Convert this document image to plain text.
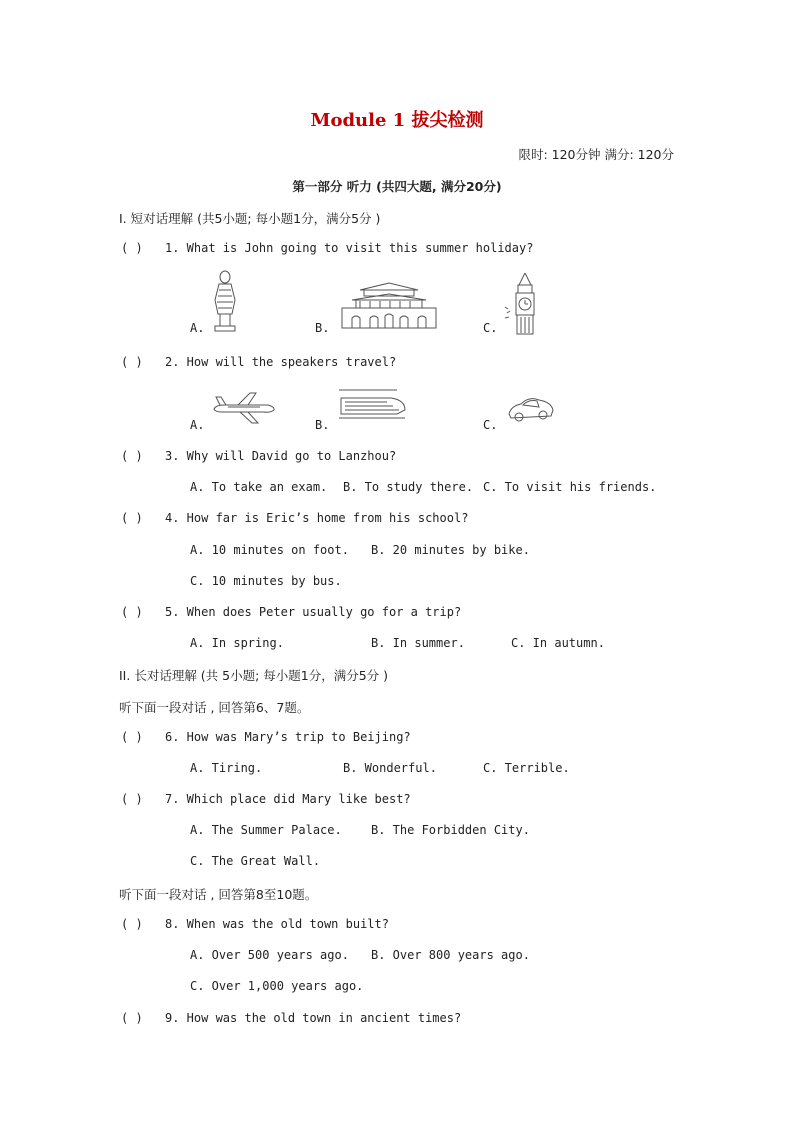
Module 1 拔尖检测
限时: 120分钟 满分: 120分
第一部分 听力 (共四大题, 满分20分)
I. 短对话理解 (共5小题; 每小题1分，满分5分 )
( ) 1. What is John going to visit this summer holiday?
A.	B.	C.
( ) 2. How will the speakers travel?
A.	B.	C.
( ) 3. Why will David go to Lanzhou?
A. To take an exam. B. To study there. C. To visit his friends.
( ) 4. How far is Eric’s home from his school?
A. 10 minutes on foot. B. 20 minutes by bike.
C. 10 minutes by bus.
( ) 5. When does Peter usually go for a trip?
A. In spring.	B. In summer.	C. In autumn.
II. 长对话理解 (共 5小题; 每小题1分，满分5分 )
听下面一段对话 , 回答第6、7题。
( ) 6. How was Mary’s trip to Beijing?
A. Tiring.	B. Wonderful.	C. Terrible.
( ) 7. Which place did Mary like best?
A. The Summer Palace. B. The Forbidden City.
C. The Great Wall.
听下面一段对话 , 回答第8至10题。
( ) 8. When was the old town built?
A. Over 500 years ago. B. Over 800 years ago.
C. Over 1,000 years ago.
( ) 9. How was the old town in ancient times?
